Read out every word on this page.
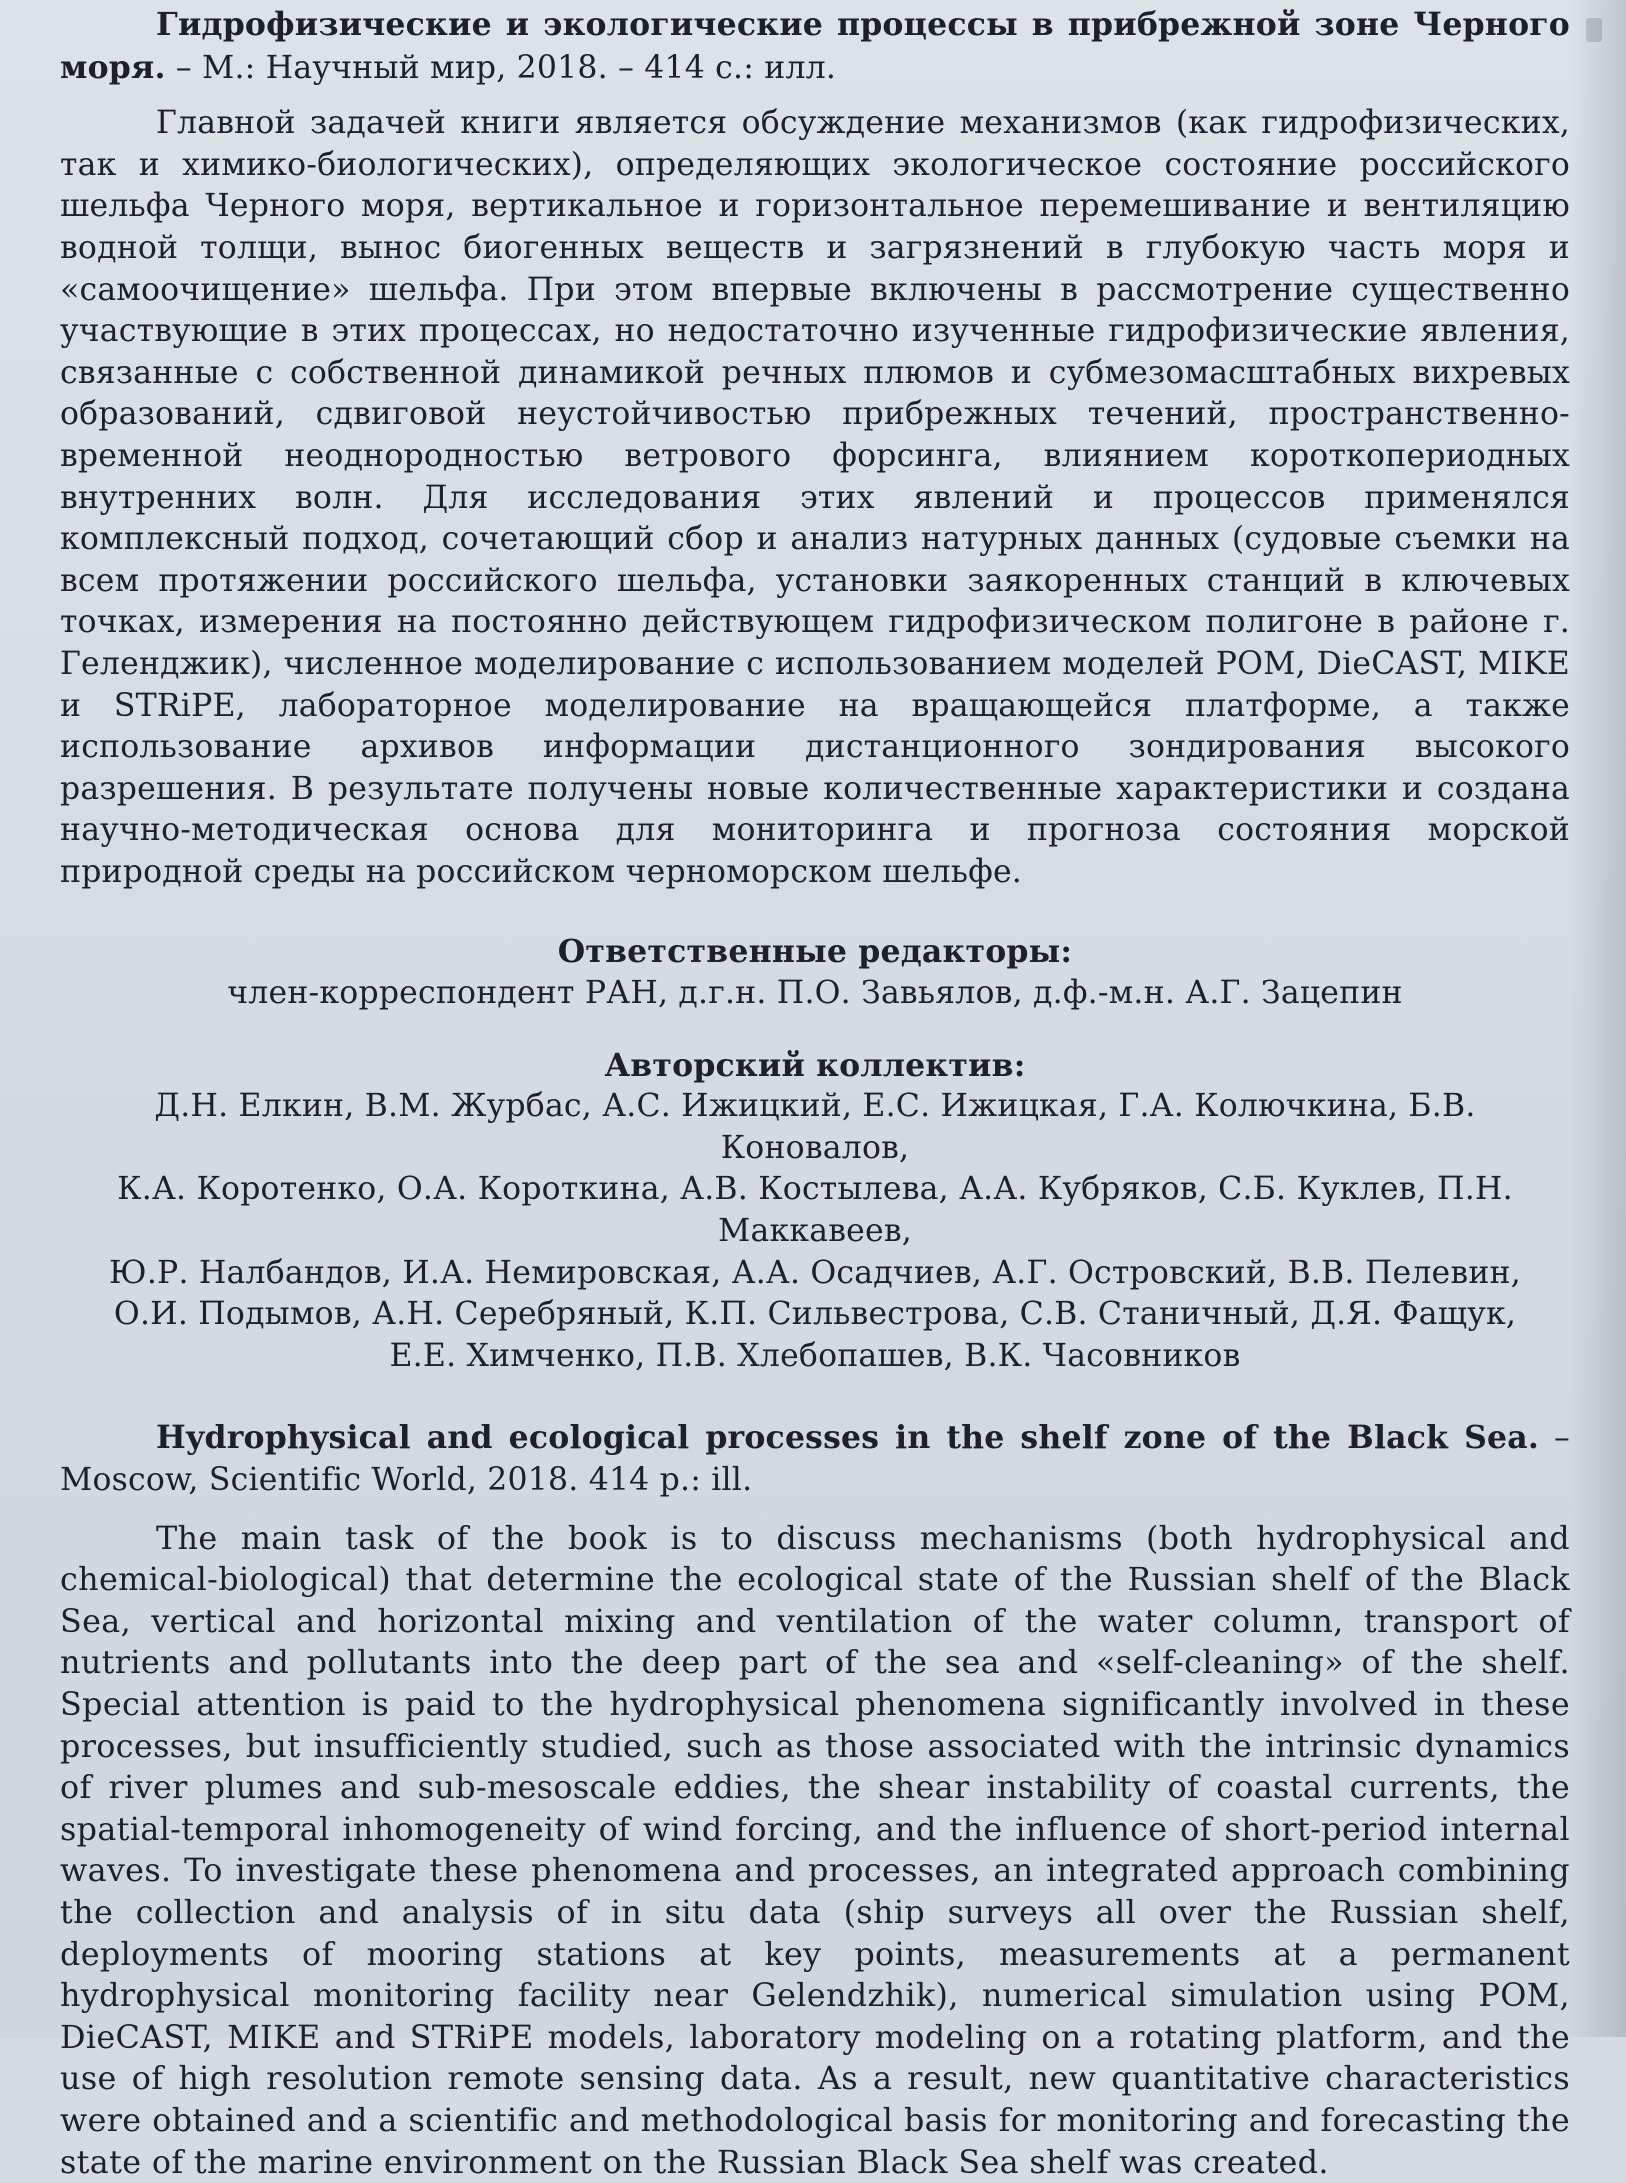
Гидрофизические и экологические процессы в прибрежной зоне Черного моря. – М.: Научный мир, 2018. – 414 с.: илл.

Главной задачей книги является обсуждение механизмов (как гидрофизических, так и химико-биологических), определяющих экологическое состояние российского шельфа Черного моря, вертикальное и горизонтальное перемешивание и вентиляцию водной толщи, вынос биогенных веществ и загрязнений в глубокую часть моря и «самоочищение» шельфа. При этом впервые включены в рассмотрение существенно участвующие в этих процессах, но недостаточно изученные гидрофизические явления, связанные с собственной динамикой речных плюмов и субмезомасштабных вихревых образований, сдвиговой неустойчивостью прибрежных течений, пространственно-временной неоднородностью ветрового форсинга, влиянием короткопериодных внутренних волн. Для исследования этих явлений и процессов применялся комплексный подход, сочетающий сбор и анализ натурных данных (судовые съемки на всем протяжении российского шельфа, установки заякоренных станций в ключевых точках, измерения на постоянно действующем гидрофизическом полигоне в районе г. Геленджик), численное моделирование с использованием моделей POM, DieCAST, MIKE и STRiPE, лабораторное моделирование на вращающейся платформе, а также использование архивов информации дистанционного зондирования высокого разрешения. В результате получены новые количественные характеристики и создана научно-методическая основа для мониторинга и прогноза состояния морской природной среды на российском черноморском шельфе.

Ответственные редакторы:

член-корреспондент РАН, д.г.н. П.О. Завьялов, д.ф.-м.н. А.Г. Зацепин

Авторский коллектив:

Д.Н. Елкин, В.М. Журбас, А.С. Ижицкий, Е.С. Ижицкая, Г.А. Колючкина, Б.В. Коновалов,

К.А. Коротенко, О.А. Короткина, А.В. Костылева, А.А. Кубряков, С.Б. Куклев, П.Н. Маккавеев,

Ю.Р. Налбандов, И.А. Немировская, А.А. Осадчиев, А.Г. Островский, В.В. Пелевин,

О.И. Подымов, А.Н. Серебряный, К.П. Сильвестрова, С.В. Станичный, Д.Я. Фащук,

Е.Е. Химченко, П.В. Хлебопашев, В.К. Часовников

Hydrophysical and ecological processes in the shelf zone of the Black Sea. – Moscow, Scientific World, 2018. 414 p.: ill.

The main task of the book is to discuss mechanisms (both hydrophysical and chemical-biological) that determine the ecological state of the Russian shelf of the Black Sea, vertical and horizontal mixing and ventilation of the water column, transport of nutrients and pollutants into the deep part of the sea and «self-cleaning» of the shelf. Special attention is paid to the hydrophysical phenomena significantly involved in these processes, but insufficiently studied, such as those associated with the intrinsic dynamics of river plumes and sub-mesoscale eddies, the shear instability of coastal currents, the spatial-temporal inhomogeneity of wind forcing, and the influence of short-period internal waves. To investigate these phenomena and processes, an integrated approach combining the collection and analysis of in situ data (ship surveys all over the Russian shelf, deployments of mooring stations at key points, measurements at a permanent hydrophysical monitoring facility near Gelendzhik), numerical simulation using POM, DieCAST, MIKE and STRiPE models, laboratory modeling on a rotating platform, and the use of high resolution remote sensing data. As a result, new quantitative characteristics were obtained and a scientific and methodological basis for monitoring and forecasting the state of the marine environment on the Russian Black Sea shelf was created.
